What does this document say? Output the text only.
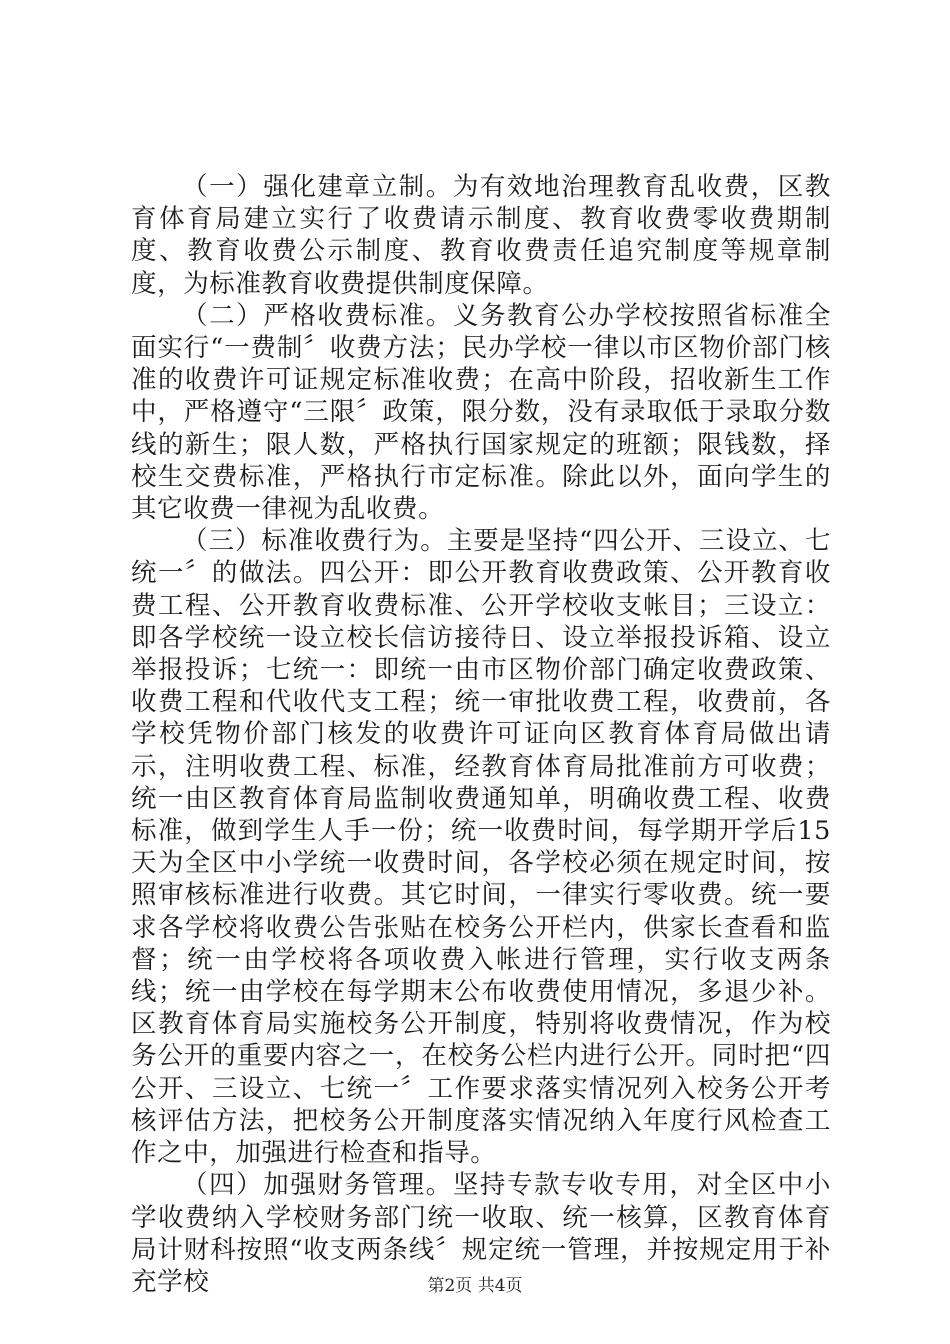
（一）强化建章立制。为有效地治理教育乱收费，区教育体育局建立实行了收费请示制度、教育收费零收费期制度、教育收费公示制度、教育收费责任追究制度等规章制度，为标准教育收费提供制度保障。

（二）严格收费标准。义务教育公办学校按照省标准全面实行“一费制〞收费方法；民办学校一律以市区物价部门核准的收费许可证规定标准收费；在高中阶段，招收新生工作中，严格遵守“三限〞政策，限分数，没有录取低于录取分数线的新生；限人数，严格执行国家规定的班额；限钱数，择校生交费标准，严格执行市定标准。除此以外，面向学生的其它收费一律视为乱收费。

（三）标准收费行为。主要是坚持“四公开、三设立、七统一〞的做法。四公开：即公开教育收费政策、公开教育收费工程、公开教育收费标准、公开学校收支帐目；三设立：即各学校统一设立校长信访接待日、设立举报投诉箱、设立举报投诉；七统一：即统一由市区物价部门确定收费政策、收费工程和代收代支工程；统一审批收费工程，收费前，各学校凭物价部门核发的收费许可证向区教育体育局做出请示，注明收费工程、标准，经教育体育局批准前方可收费；统一由区教育体育局监制收费通知单，明确收费工程、收费标准，做到学生人手一份；统一收费时间，每学期开学后15天为全区中小学统一收费时间，各学校必须在规定时间，按照审核标准进行收费。其它时间，一律实行零收费。统一要求各学校将收费公告张贴在校务公开栏内，供家长查看和监督；统一由学校将各项收费入帐进行管理，实行收支两条线；统一由学校在每学期末公布收费使用情况，多退少补。区教育体育局实施校务公开制度，特别将收费情况，作为校务公开的重要内容之一，在校务公栏内进行公开。同时把“四公开、三设立、七统一〞工作要求落实情况列入校务公开考核评估方法，把校务公开制度落实情况纳入年度行风检查工作之中，加强进行检查和指导。

（四）加强财务管理。坚持专款专收专用，对全区中小学收费纳入学校财务部门统一收取、统一核算，区教育体育局计财科按照“收支两条线〞规定统一管理，并按规定用于补充学校	第2页 共4页
